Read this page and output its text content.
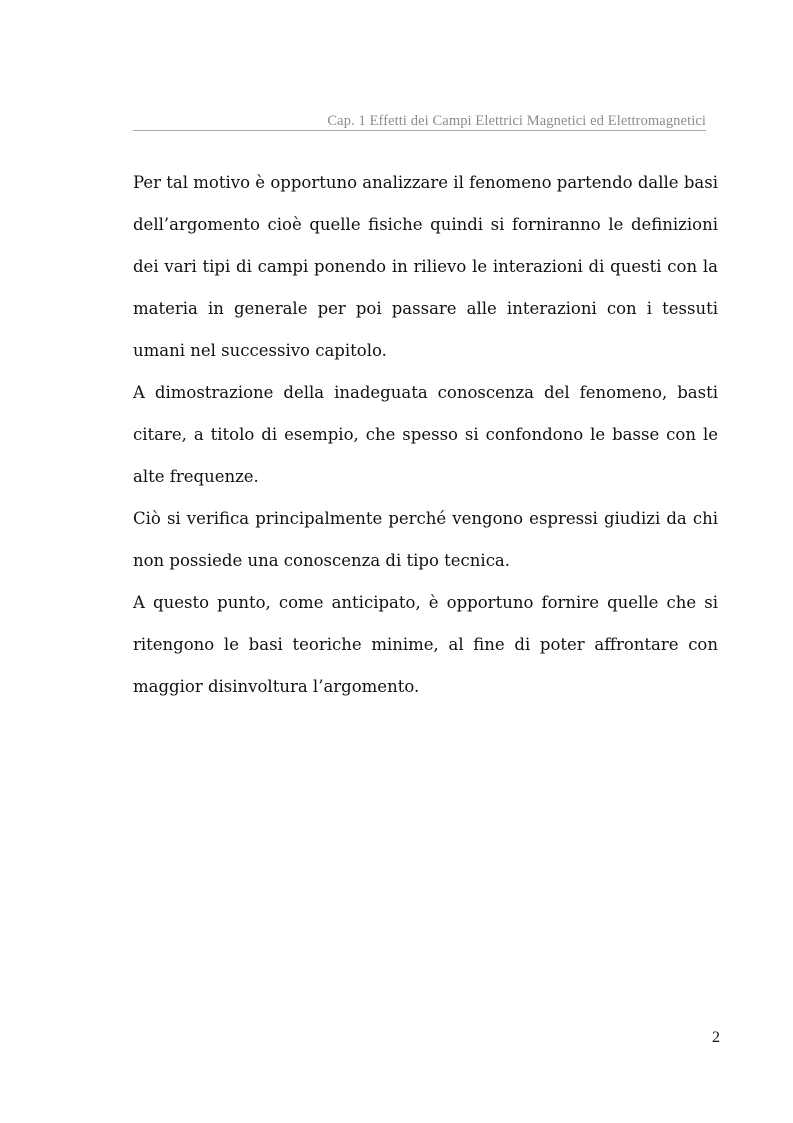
Cap. 1 Effetti dei Campi Elettrici Magnetici ed Elettromagnetici

Per tal motivo è opportuno analizzare il fenomeno partendo dalle basi dell’argomento cioè quelle fisiche quindi si forniranno le definizioni dei vari tipi di campi ponendo in rilievo le interazioni di questi con la materia in generale per poi passare alle interazioni con i tessuti umani nel successivo capitolo.

A dimostrazione della inadeguata conoscenza del fenomeno, basti citare, a titolo di esempio, che spesso si confondono le basse con le alte frequenze.

Ciò si verifica principalmente perché vengono espressi giudizi da chi non possiede una conoscenza di tipo tecnica.

A questo punto, come anticipato, è opportuno fornire quelle che si ritengono le basi teoriche minime, al fine di poter affrontare con maggior disinvoltura l’argomento.

2
